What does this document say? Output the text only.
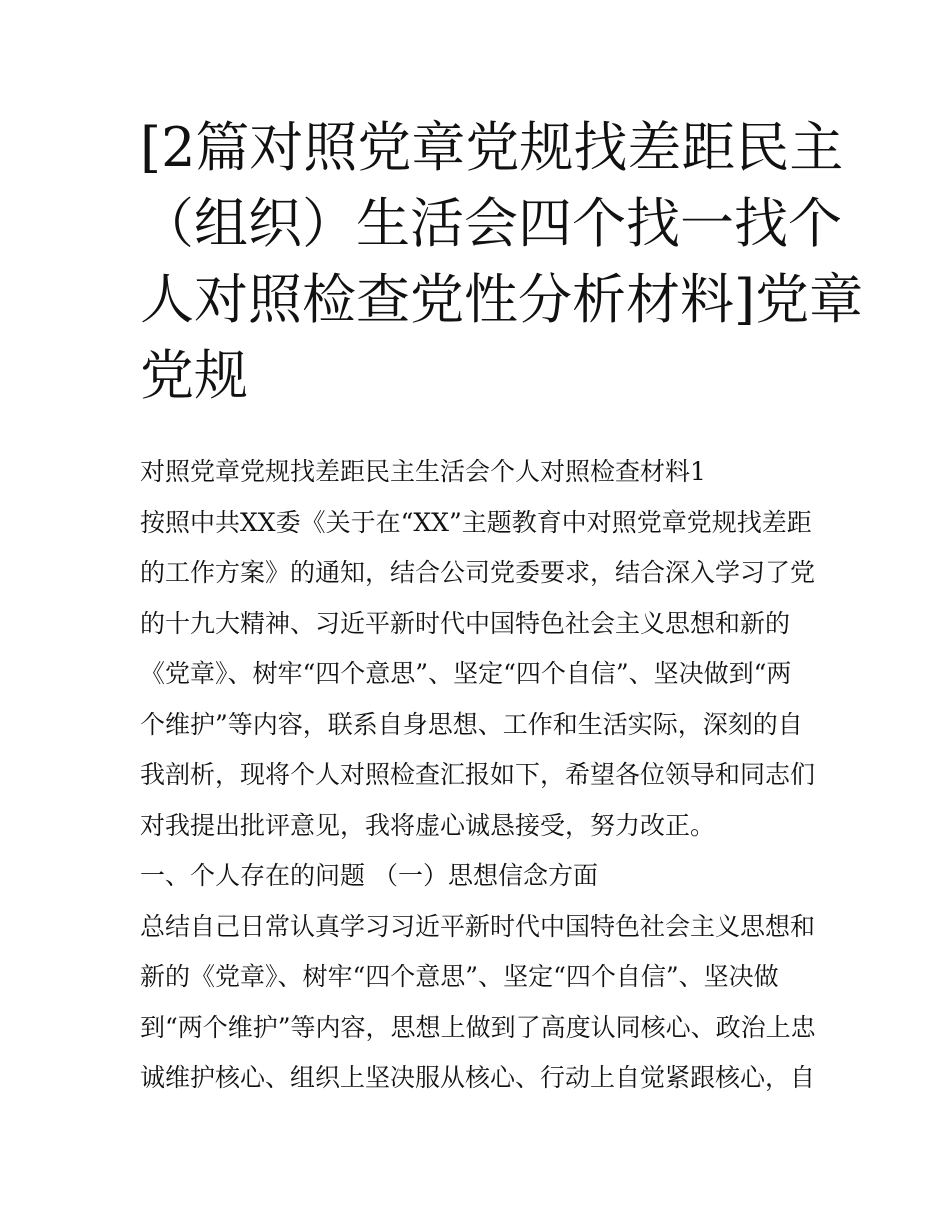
[2篇对照党章党规找差距民主
（组织）生活会四个找一找个
人对照检查党性分析材料]党章
党规
对照党章党规找差距民主生活会个人对照检查材料1
按照中共XX委《关于在“XX”主题教育中对照党章党规找差距
的工作方案》的通知，结合公司党委要求，结合深入学习了党
的十九大精神、习近平新时代中国特色社会主义思想和新的
《党章》、树牢“四个意思”、坚定“四个自信”、坚决做到“两
个维护”等内容，联系自身思想、工作和生活实际，深刻的自
我剖析，现将个人对照检查汇报如下，希望各位领导和同志们
对我提出批评意见，我将虚心诚恳接受，努力改正。
一、个人存在的问题 （一）思想信念方面
总结自己日常认真学习习近平新时代中国特色社会主义思想和
新的《党章》、树牢“四个意思”、坚定“四个自信”、坚决做
到“两个维护”等内容，思想上做到了高度认同核心、政治上忠
诚维护核心、组织上坚决服从核心、行动上自觉紧跟核心，自
